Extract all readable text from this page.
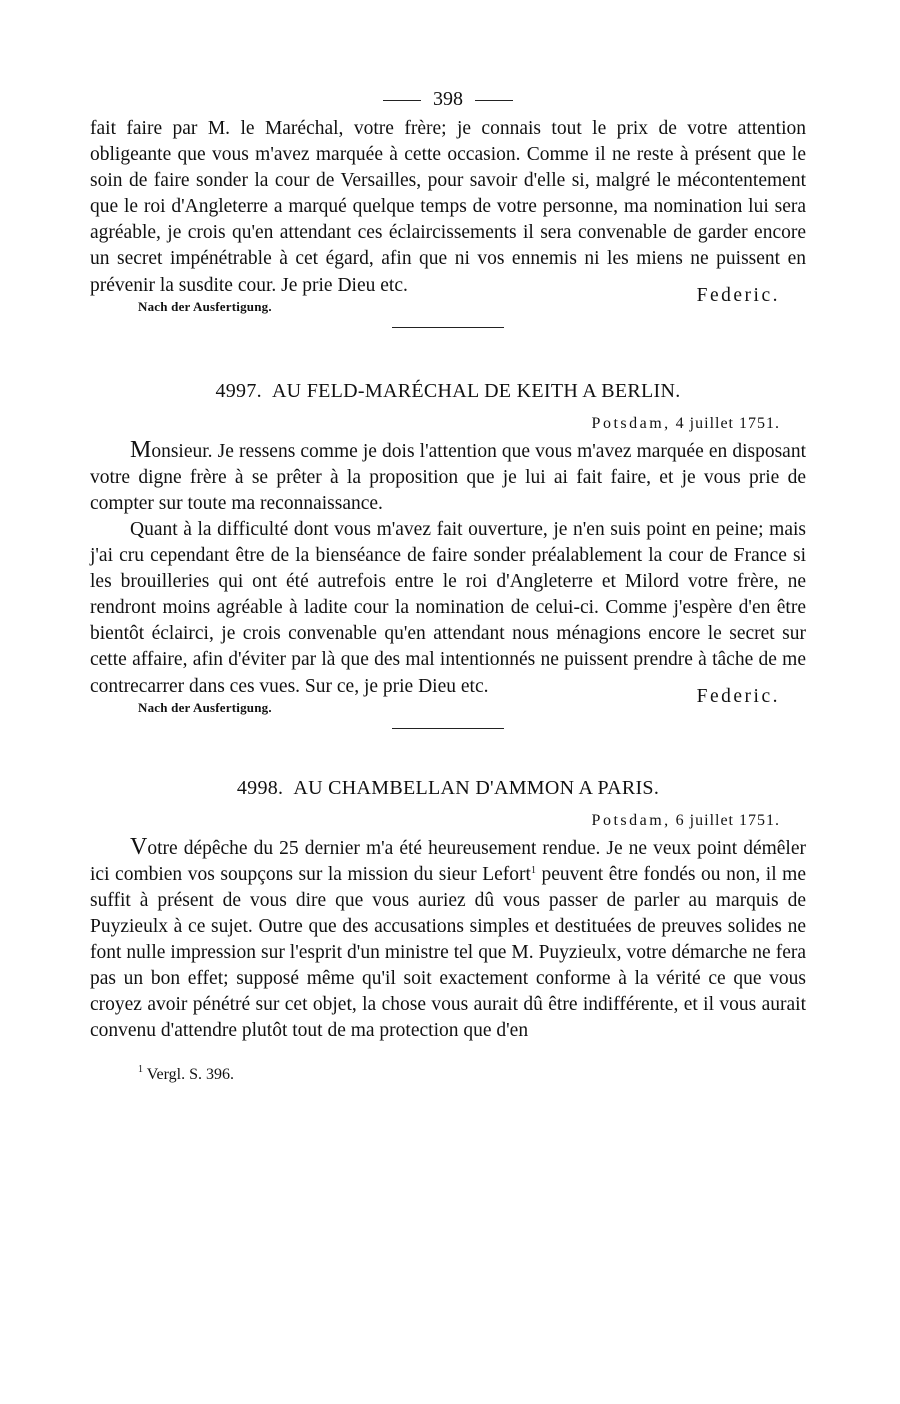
398

fait faire par M. le Maréchal, votre frère; je connais tout le prix de votre attention obligeante que vous m'avez marquée à cette occasion. Comme il ne reste à présent que le soin de faire sonder la cour de Versailles, pour savoir d'elle si, malgré le mécontentement que le roi d'Angleterre a marqué quelque temps de votre personne, ma nomination lui sera agréable, je crois qu'en attendant ces éclaircissements il sera convenable de garder encore un secret impénétrable à cet égard, afin que ni vos ennemis ni les miens ne puissent en prévenir la susdite cour. Je prie Dieu etc.

Nach der Ausfertigung.
Federic.

4997. AU FELD-MARÉCHAL DE KEITH A BERLIN.

Potsdam, 4 juillet 1751.

Monsieur. Je ressens comme je dois l'attention que vous m'avez marquée en disposant votre digne frère à se prêter à la proposition que je lui ai fait faire, et je vous prie de compter sur toute ma reconnaissance.

Quant à la difficulté dont vous m'avez fait ouverture, je n'en suis point en peine; mais j'ai cru cependant être de la bienséance de faire sonder préalablement la cour de France si les brouilleries qui ont été autrefois entre le roi d'Angleterre et Milord votre frère, ne rendront moins agréable à ladite cour la nomination de celui-ci. Comme j'espère d'en être bientôt éclairci, je crois convenable qu'en attendant nous ménagions encore le secret sur cette affaire, afin d'éviter par là que des mal intentionnés ne puissent prendre à tâche de me contrecarrer dans ces vues. Sur ce, je prie Dieu etc.

Nach der Ausfertigung.
Federic.

4998. AU CHAMBELLAN D'AMMON A PARIS.

Potsdam, 6 juillet 1751.

Votre dépêche du 25 dernier m'a été heureusement rendue. Je ne veux point démêler ici combien vos soupçons sur la mission du sieur Lefort$^1$ peuvent être fondés ou non, il me suffit à présent de vous dire que vous auriez dû vous passer de parler au marquis de Puyzieulx à ce sujet. Outre que des accusations simples et destituées de preuves solides ne font nulle impression sur l'esprit d'un ministre tel que M. Puyzieulx, votre démarche ne fera pas un bon effet; supposé même qu'il soit exactement conforme à la vérité ce que vous croyez avoir pénétré sur cet objet, la chose vous aurait dû être indifférente, et il vous aurait convenu d'attendre plutôt tout de ma protection que d'en

$^1$ Vergl. S. 396.
